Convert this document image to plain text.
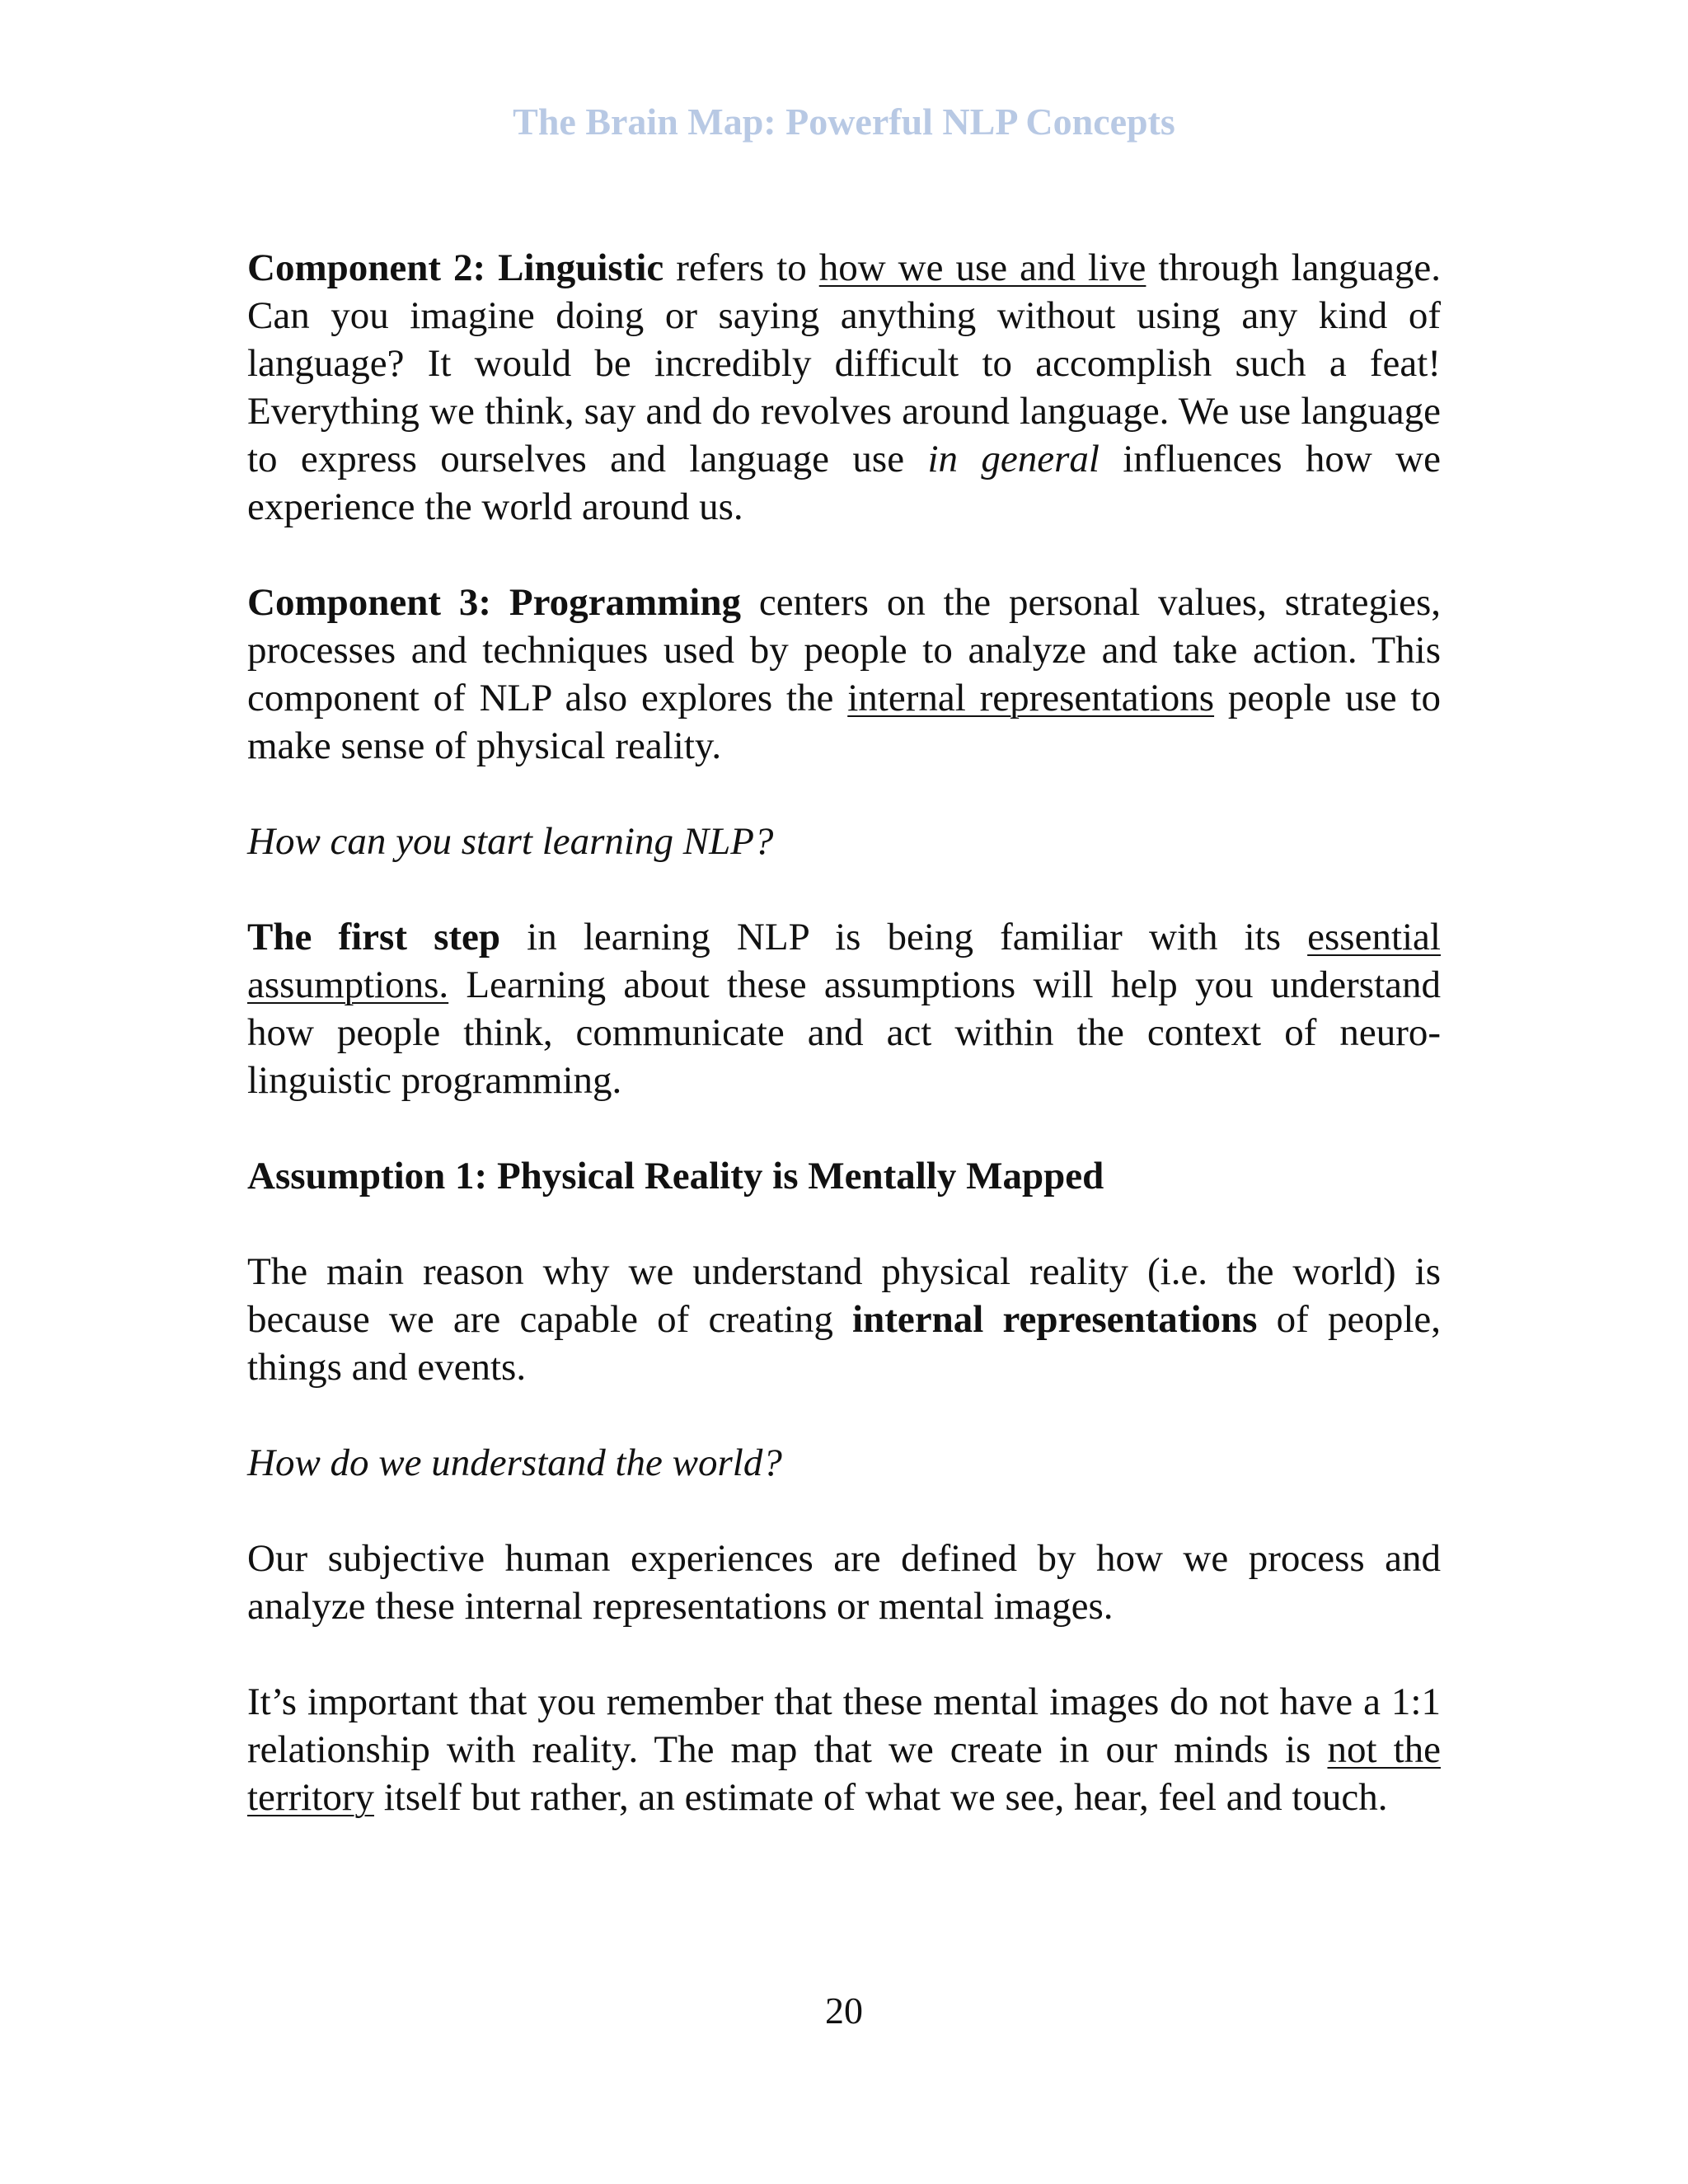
The Brain Map: Powerful NLP Concepts

Component 2: Linguistic refers to how we use and live through language. Can you imagine doing or saying anything without using any kind of language? It would be incredibly difficult to accomplish such a feat! Everything we think, say and do revolves around language. We use language to express ourselves and language use in general influences how we experience the world around us.

Component 3: Programming centers on the personal values, strategies, processes and techniques used by people to analyze and take action. This component of NLP also explores the internal representations people use to make sense of physical reality.

How can you start learning NLP?

The first step in learning NLP is being familiar with its essential assumptions. Learning about these assumptions will help you understand how people think, communicate and act within the context of neuro-linguistic programming.

Assumption 1: Physical Reality is Mentally Mapped

The main reason why we understand physical reality (i.e. the world) is because we are capable of creating internal representations of people, things and events.

How do we understand the world?

Our subjective human experiences are defined by how we process and analyze these internal representations or mental images.

It’s important that you remember that these mental images do not have a 1:1 relationship with reality. The map that we create in our minds is not the territory itself but rather, an estimate of what we see, hear, feel and touch.

20
